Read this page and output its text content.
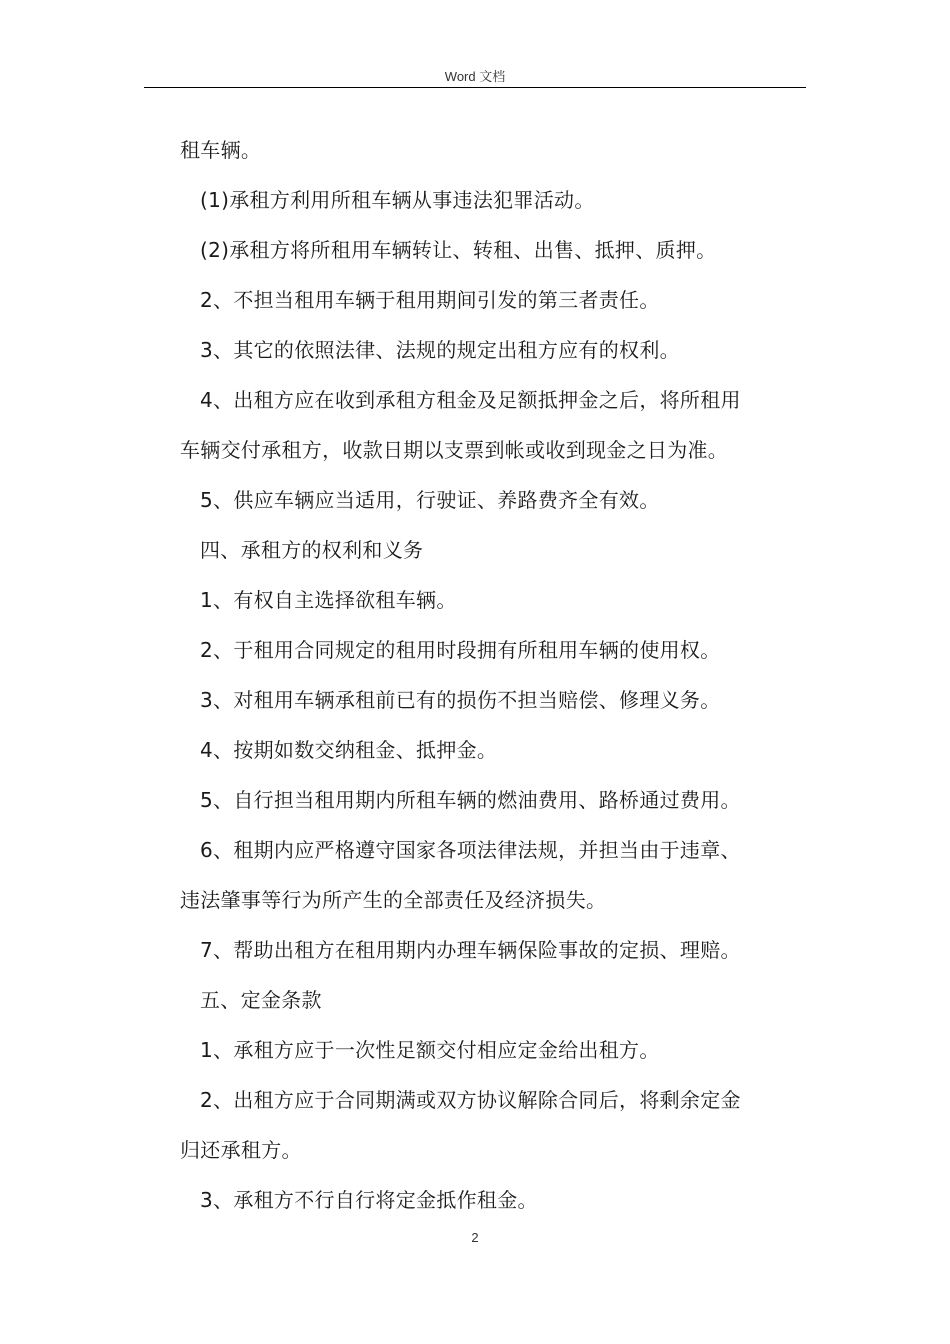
Word 文档
租车辆。
(1)承租方利用所租车辆从事违法犯罪活动。
(2)承租方将所租用车辆转让、转租、出售、抵押、质押。
2、不担当租用车辆于租用期间引发的第三者责任。
3、其它的依照法律、法规的规定出租方应有的权利。
4、出租方应在收到承租方租金及足额抵押金之后，将所租用
车辆交付承租方，收款日期以支票到帐或收到现金之日为准。
5、供应车辆应当适用，行驶证、养路费齐全有效。
四、承租方的权利和义务
1、有权自主选择欲租车辆。
2、于租用合同规定的租用时段拥有所租用车辆的使用权。
3、对租用车辆承租前已有的损伤不担当赔偿、修理义务。
4、按期如数交纳租金、抵押金。
5、自行担当租用期内所租车辆的燃油费用、路桥通过费用。
6、租期内应严格遵守国家各项法律法规，并担当由于违章、
违法肇事等行为所产生的全部责任及经济损失。
7、帮助出租方在租用期内办理车辆保险事故的定损、理赔。
五、定金条款
1、承租方应于一次性足额交付相应定金给出租方。
2、出租方应于合同期满或双方协议解除合同后，将剩余定金
归还承租方。
3、承租方不行自行将定金抵作租金。
2
